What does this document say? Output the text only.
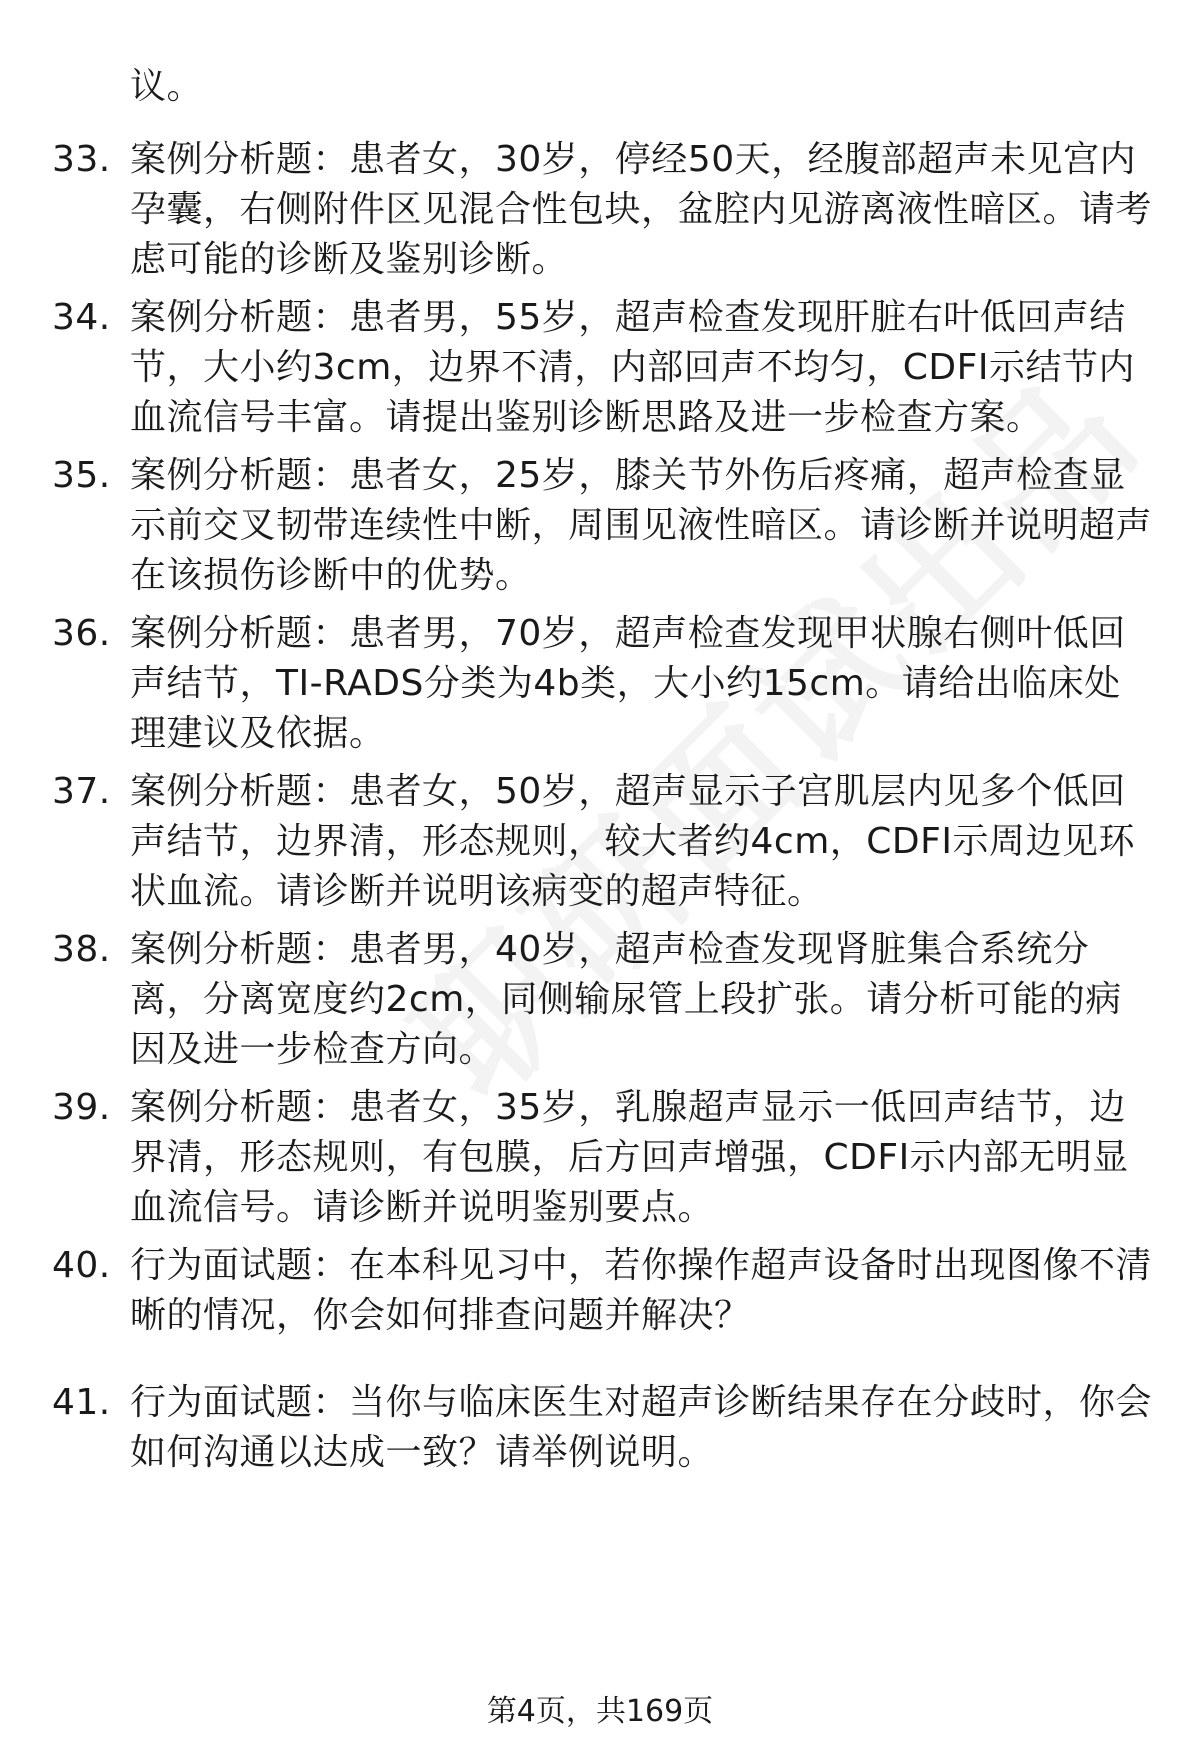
议。
33. 案例分析题：患者女，30岁，停经50天，经腹部超声未见宫内孕囊，右侧附件区见混合性包块，盆腔内见游离液性暗区。请考虑可能的诊断及鉴别诊断。
34. 案例分析题：患者男，55岁，超声检查发现肝脏右叶低回声结节，大小约3cm，边界不清，内部回声不均匀，CDFI示结节内血流信号丰富。请提出鉴别诊断思路及进一步检查方案。
35. 案例分析题：患者女，25岁，膝关节外伤后疼痛，超声检查显示前交叉韧带连续性中断，周围见液性暗区。请诊断并说明超声在该损伤诊断中的优势。
36. 案例分析题：患者男，70岁，超声检查发现甲状腺右侧叶低回声结节，TI-RADS分类为4b类，大小约15cm。请给出临床处理建议及依据。
37. 案例分析题：患者女，50岁，超声显示子宫肌层内见多个低回声结节，边界清，形态规则，较大者约4cm，CDFI示周边见环状血流。请诊断并说明该病变的超声特征。
38. 案例分析题：患者男，40岁，超声检查发现肾脏集合系统分离，分离宽度约2cm，同侧输尿管上段扩张。请分析可能的病因及进一步检查方向。
39. 案例分析题：患者女，35岁，乳腺超声显示一低回声结节，边界清，形态规则，有包膜，后方回声增强，CDFI示内部无明显血流信号。请诊断并说明鉴别要点。
40. 行为面试题：在本科见习中，若你操作超声设备时出现图像不清晰的情况，你会如何排查问题并解决？
41. 行为面试题：当你与临床医生对超声诊断结果存在分歧时，你会如何沟通以达成一致？请举例说明。
第4页，共169页
